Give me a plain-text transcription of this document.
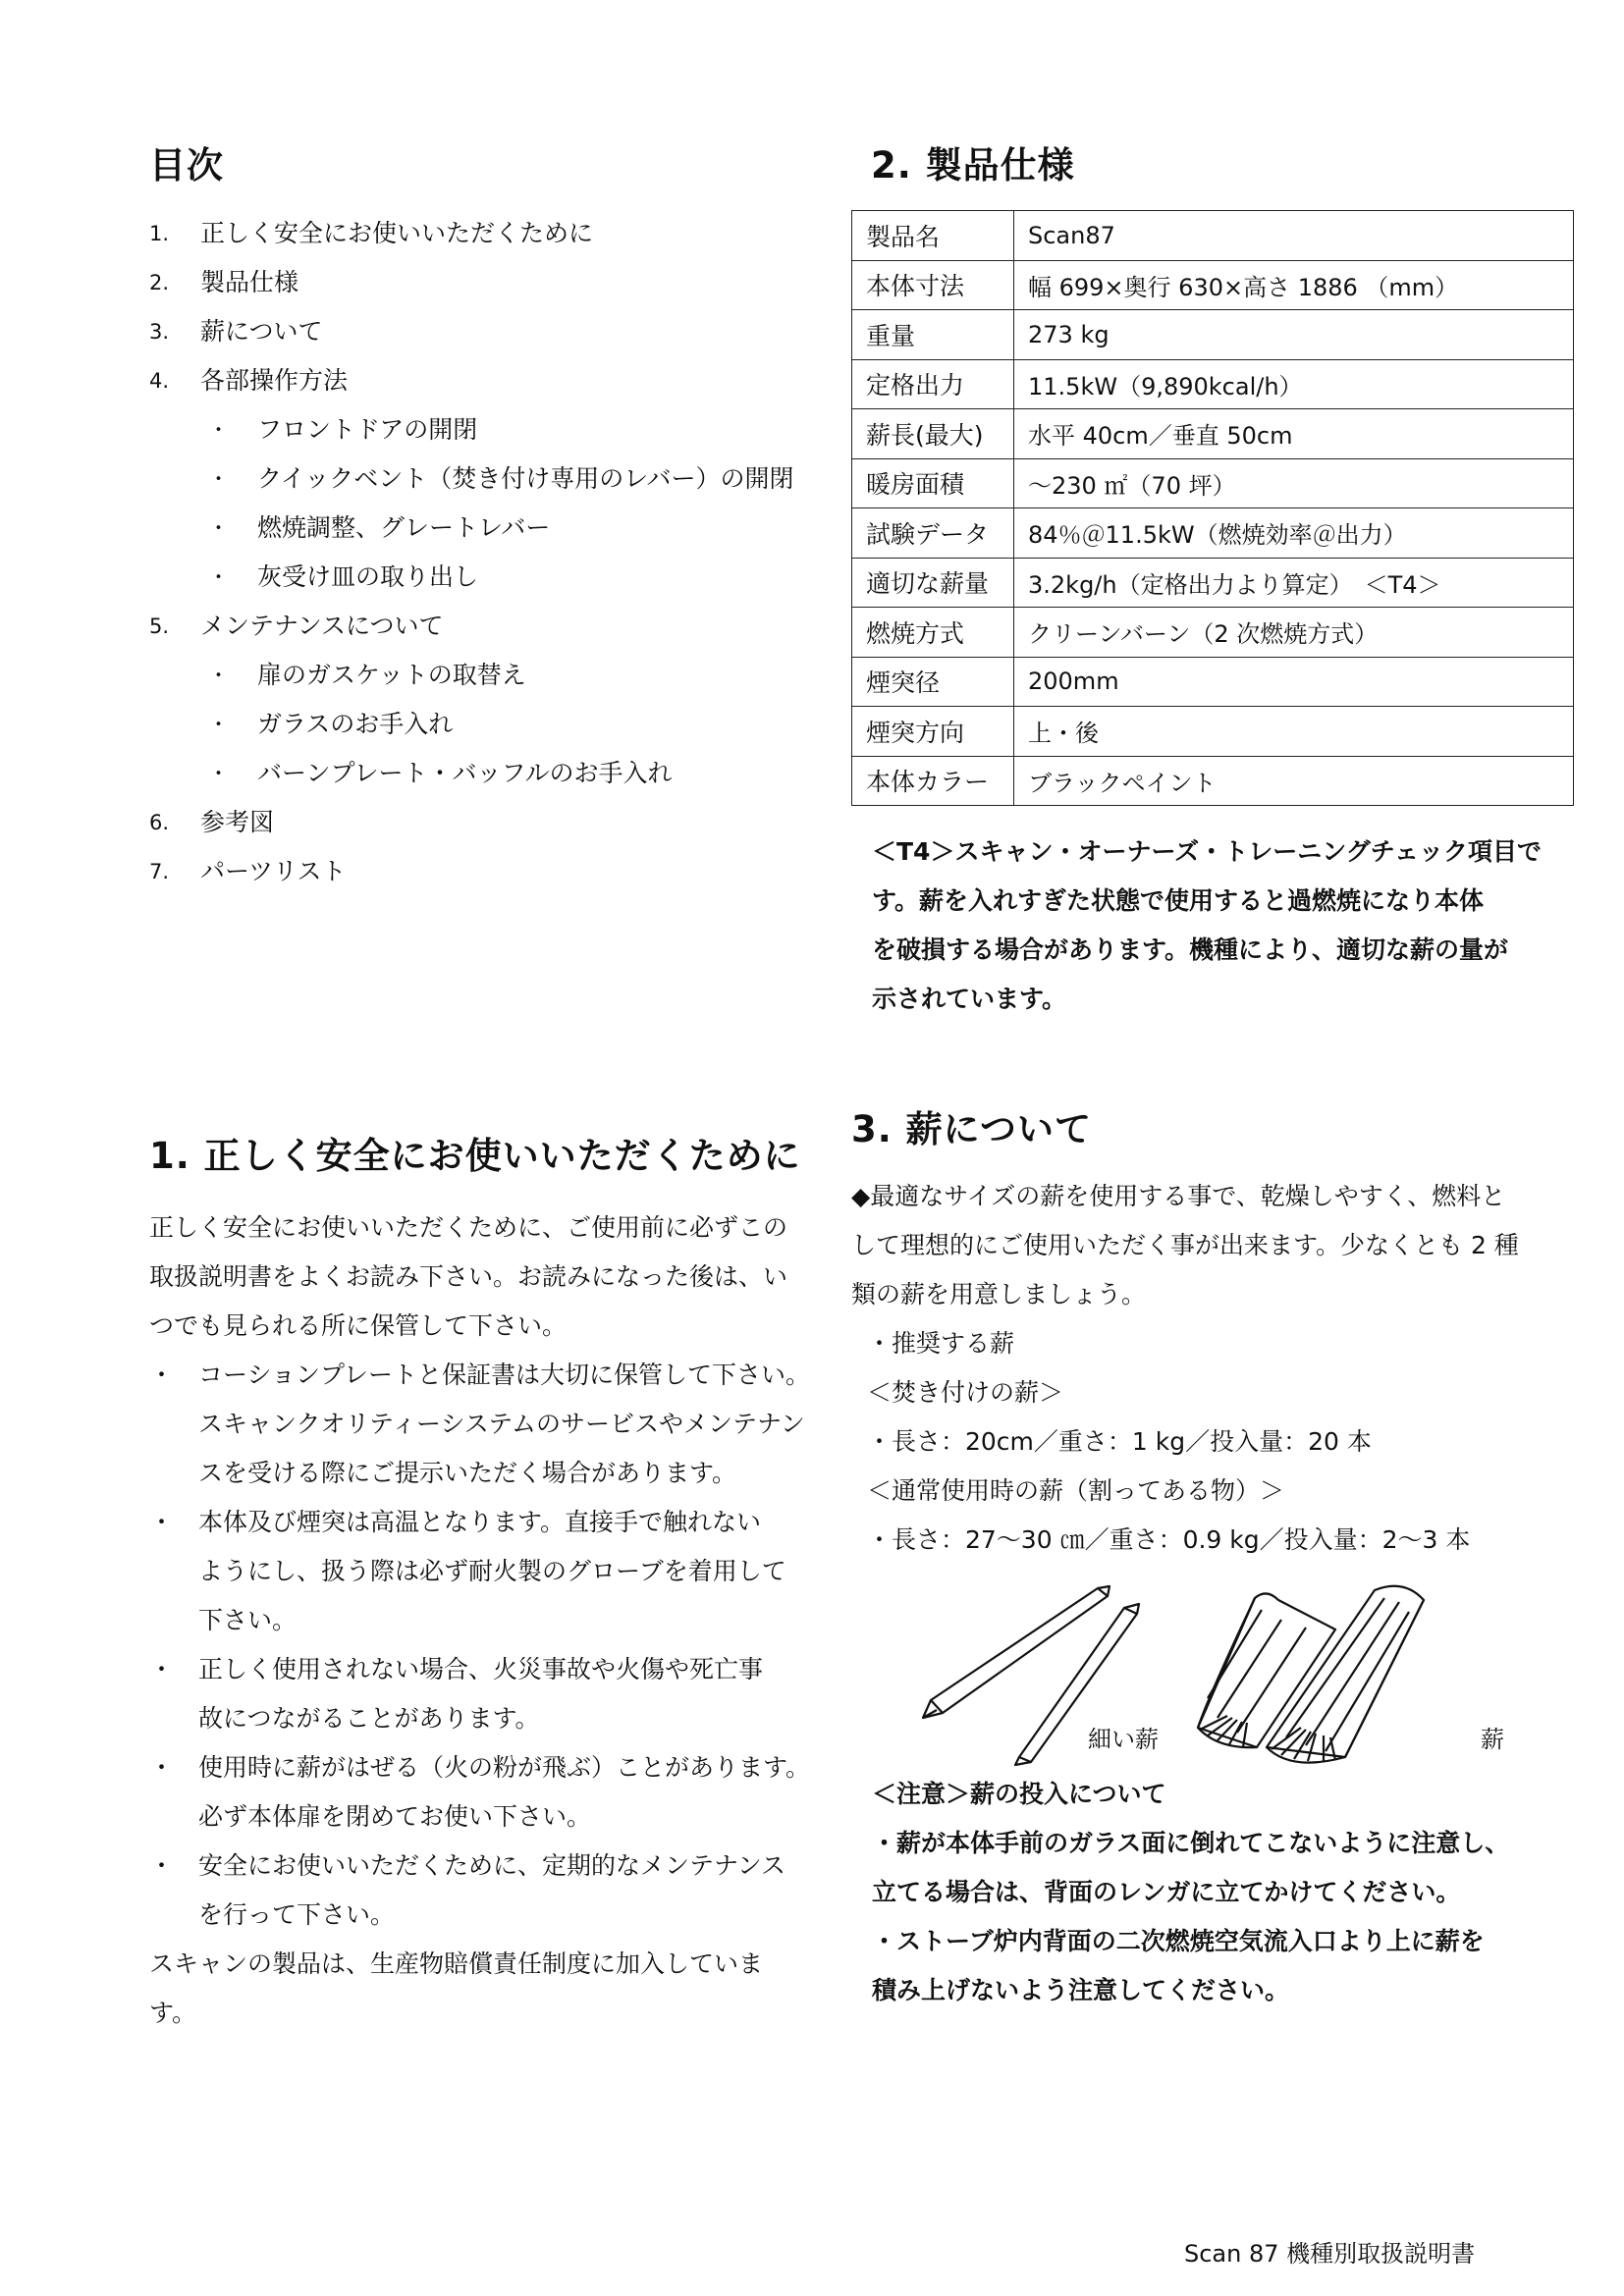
目次
1. 正しく安全にお使いいただくために
2. 製品仕様
3. 薪について
4. 各部操作方法
・ フロントドアの開閉
・ クイックベント（焚き付け専用のレバー）の開閉
・ 燃焼調整、グレートレバー
・ 灰受け皿の取り出し
5. メンテナンスについて
・ 扉のガスケットの取替え
・ ガラスのお手入れ
・ バーンプレート・バッフルのお手入れ
6. 参考図
7. パーツリスト
2. 製品仕様
製品名	Scan87
本体寸法	幅 699×奥行 630×高さ 1886 （mm）
重量	273 kg
定格出力	11.5kW（9,890kcal/h）
薪長(最大)	水平 40cm／垂直 50cm
暖房面積	～230 ㎡（70 坪）
試験データ	84％＠11.5kW（燃焼効率＠出力）
適切な薪量	3.2kg/h（定格出力より算定）　＜T4＞
燃焼方式	クリーンバーン（2 次燃焼方式）
煙突径	200mm
煙突方向	上・後
本体カラー	ブラックペイント
＜T4＞スキャン・オーナーズ・トレーニングチェック項目で
す。薪を入れすぎた状態で使用すると過燃焼になり本体
を破損する場合があります。機種により、適切な薪の量が
示されています。
1. 正しく安全にお使いいただくために
正しく安全にお使いいただくために、ご使用前に必ずこの
取扱説明書をよくお読み下さい。お読みになった後は、い
つでも見られる所に保管して下さい。
・ コーションプレートと保証書は大切に保管して下さい。
スキャンクオリティーシステムのサービスやメンテナン
スを受ける際にご提示いただく場合があります。
・ 本体及び煙突は高温となります。直接手で触れない
ようにし、扱う際は必ず耐火製のグローブを着用して
下さい。
・ 正しく使用されない場合、火災事故や火傷や死亡事
故につながることがあります。
・ 使用時に薪がはぜる（火の粉が飛ぶ）ことがあります。
必ず本体扉を閉めてお使い下さい。
・ 安全にお使いいただくために、定期的なメンテナンス
を行って下さい。
スキャンの製品は、生産物賠償責任制度に加入していま
す。
3. 薪について
◆最適なサイズの薪を使用する事で、乾燥しやすく、燃料と
して理想的にご使用いただく事が出来ます。少なくとも 2 種
類の薪を用意しましょう。
・推奨する薪
＜焚き付けの薪＞
・長さ：20cm／重さ：1 kg／投入量：20 本
＜通常使用時の薪（割ってある物）＞
・長さ：27～30 ㎝／重さ：0.9 kg／投入量：2～3 本
細い薪	薪
＜注意＞薪の投入について
・薪が本体手前のガラス面に倒れてこないように注意し、
立てる場合は、背面のレンガに立てかけてください。
・ストーブ炉内背面の二次燃焼空気流入口より上に薪を
積み上げないよう注意してください。
Scan 87 機種別取扱説明書
